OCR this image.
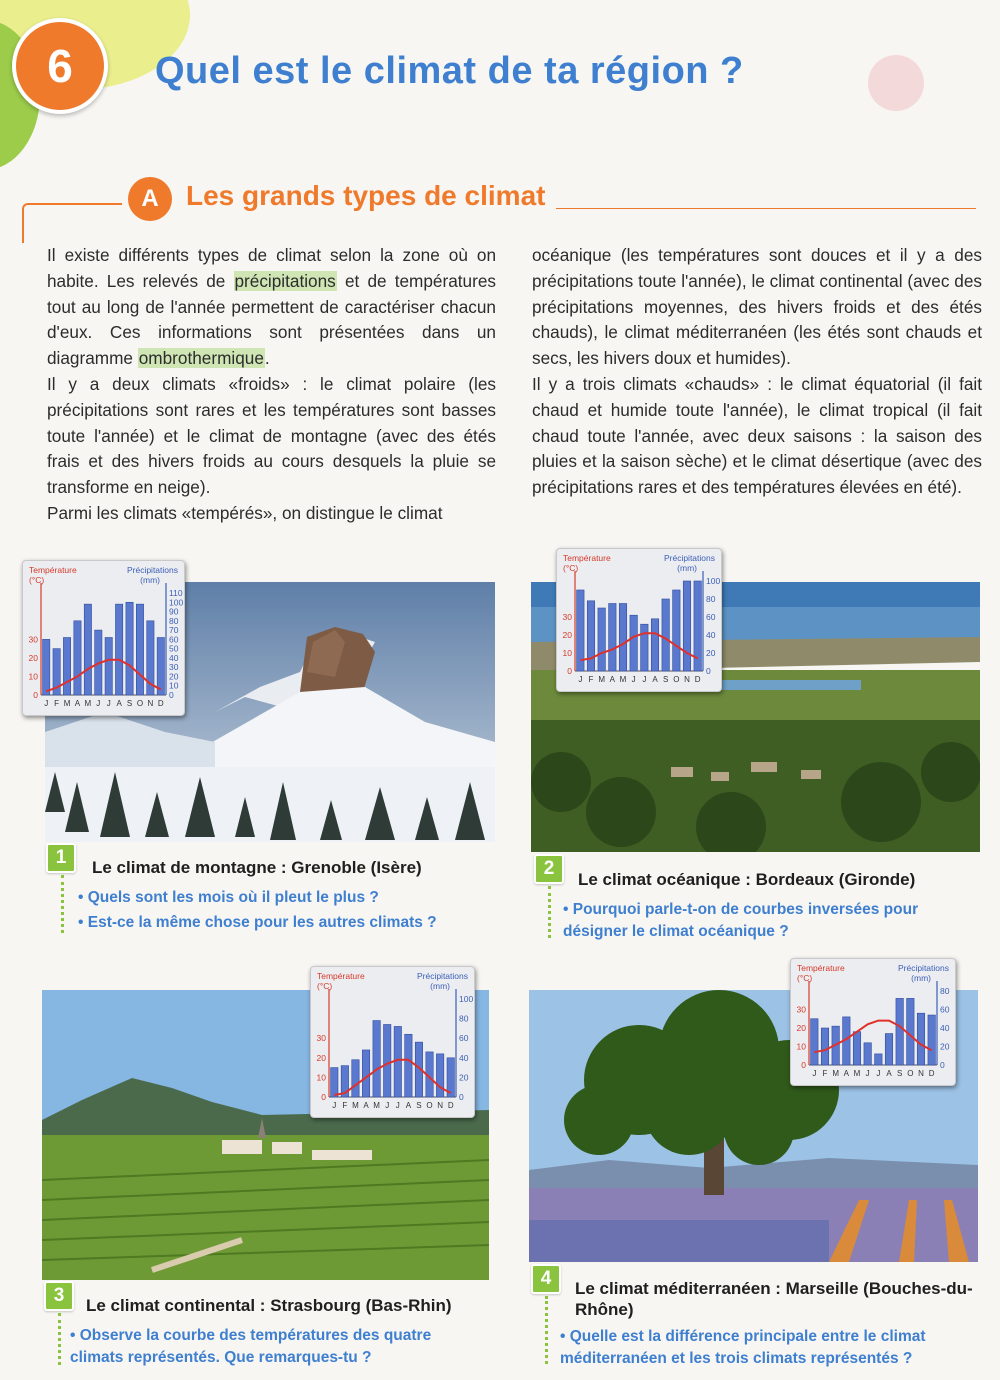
6	Quel est le climat de ta région ?
A Les grands types de climat

Il existe différents types de climat selon la zone où on habite. Les relevés de précipitations et de températures tout au long de l'année permettent de caractériser chacun d'eux. Ces informations sont présentées dans un diagramme ombrothermique.

Il y a deux climats «froids» : le climat polaire (les précipitations sont rares et les températures sont basses toute l'année) et le climat de montagne (avec des étés frais et des hivers froids au cours desquels la pluie se transforme en neige).

Parmi les climats «tempérés», on distingue le climat

océanique (les températures sont douces et il y a des précipitations toute l'année), le climat continental (avec des précipitations moyennes, des hivers froids et des étés chauds), le climat méditerranéen (les étés sont chauds et secs, les hivers doux et humides).

Il y a trois climats «chauds» : le climat équatorial (il fait chaud et humide toute l'année), le climat tropical (il fait chaud toute l'année, avec deux saisons : la saison des pluies et la saison sèche) et le climat désertique (avec des précipitations rares et des températures élevées en été).

Température
(°C)
Précipitations
(mm)
0
10
20
30
40
50
60
70
80
90
100
110
0
10
20
30
J F M A M J J A S O N D
1	Le climat de montagne : Grenoble (Isère)
• Quels sont les mois où il pleut le plus ?
• Est-ce la même chose pour les autres climats ?
Température
(°C)
Précipitations
(mm)
0
20
40
60
80
100
0
10
20
30
J F M A M J J A S O N D
2
Le climat océanique : Bordeaux (Gironde)
• Pourquoi parle-t-on de courbes inversées pour désigner le climat océanique ?
Température
(°C)
Précipitations
(mm)
0
20
40
60
80
100
0
10
20
30
J F M A M J J A S O N D
3	Le climat continental : Strasbourg (Bas-Rhin)
• Observe la courbe des températures des quatre climats représentés. Que remarques-tu ?
Température
(°C)
Précipitations
(mm)
0
20
40
60
80
0
10
20
30
J F M A M J J A S O N D
4	Le climat méditerranéen : Marseille (Bouches-du-Rhône)
• Quelle est la différence principale entre le climat méditerranéen et les trois climats représentés ?
